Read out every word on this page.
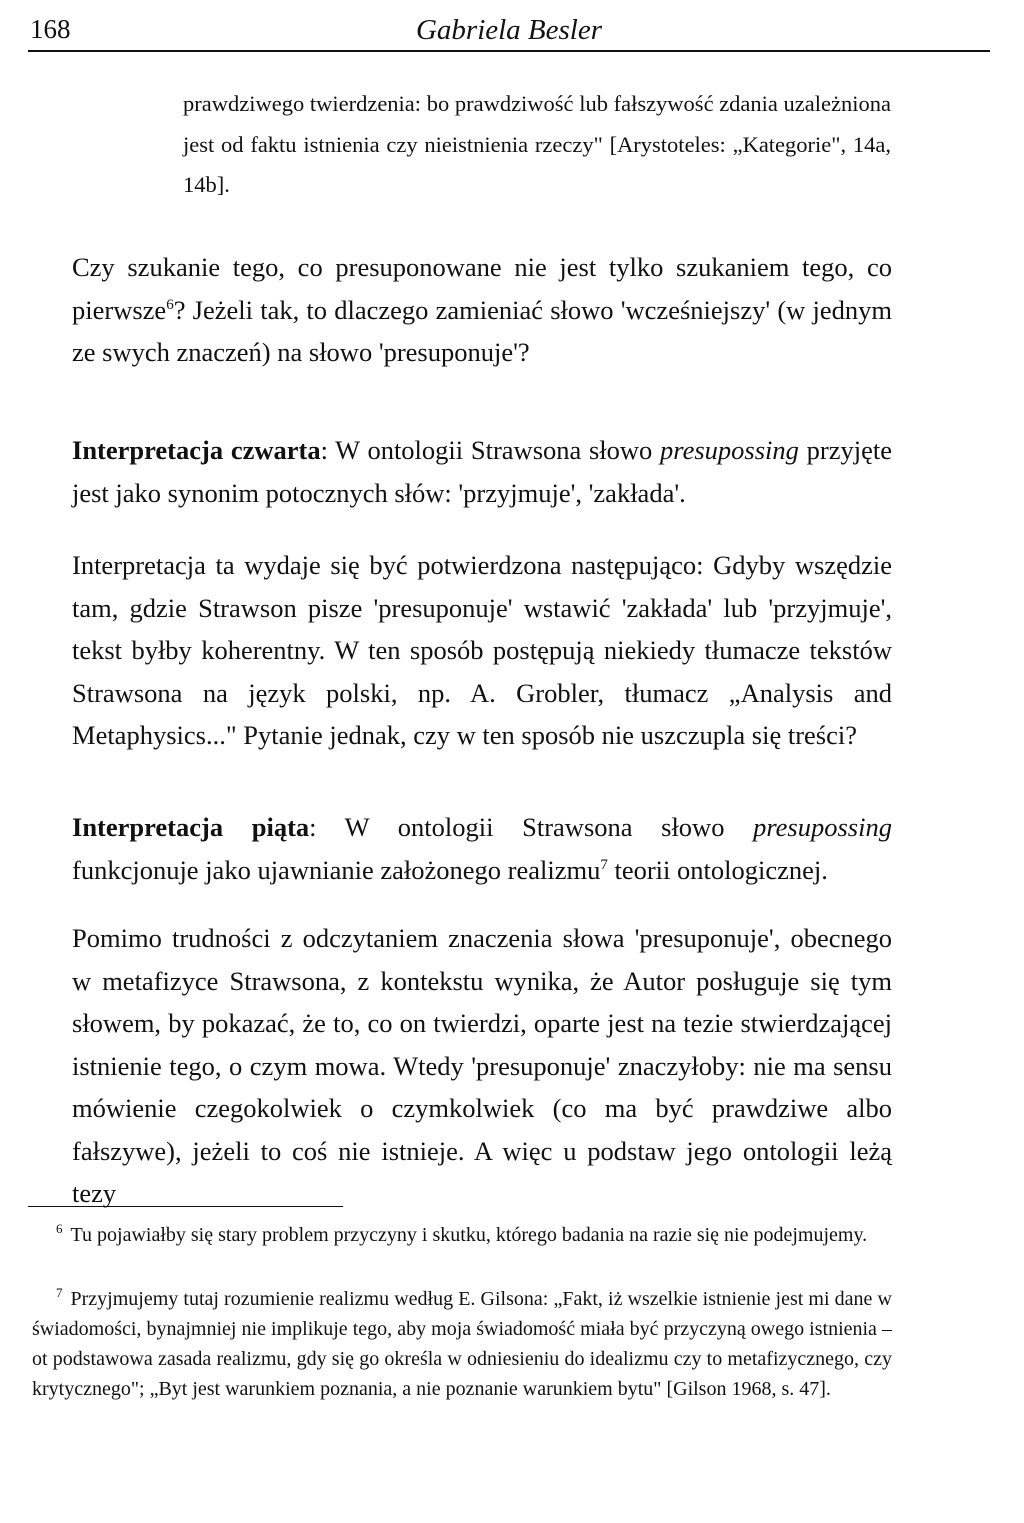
168	Gabriela Besler

prawdziwego twierdzenia: bo prawdziwość lub fałszywość zdania uzależniona jest od faktu istnienia czy nieistnienia rzeczy" [Arystoteles: „Kategorie", 14a, 14b].

Czy szukanie tego, co presuponowane nie jest tylko szukaniem tego, co pierwsze$^6$? Jeżeli tak, to dlaczego zamieniać słowo 'wcześniejszy' (w jednym ze swych znaczeń) na słowo 'presuponuje'?

Interpretacja czwarta: W ontologii Strawsona słowo presupossing przyjęte jest jako synonim potocznych słów: 'przyjmuje', 'zakłada'.

Interpretacja ta wydaje się być potwierdzona następująco: Gdyby wszędzie tam, gdzie Strawson pisze 'presuponuje' wstawić 'zakłada' lub 'przyjmuje', tekst byłby koherentny. W ten sposób postępują niekiedy tłumacze tekstów Strawsona na język polski, np. A. Grobler, tłumacz „Analysis and Metaphysics..." Pytanie jednak, czy w ten sposób nie uszczupla się treści?

Interpretacja piąta: W ontologii Strawsona słowo presupossing funkcjonuje jako ujawnianie założonego realizmu$^7$ teorii ontologicznej.

Pomimo trudności z odczytaniem znaczenia słowa 'presuponuje', obecnego w metafizyce Strawsona, z kontekstu wynika, że Autor posługuje się tym słowem, by pokazać, że to, co on twierdzi, oparte jest na tezie stwierdzającej istnienie tego, o czym mowa. Wtedy 'presuponuje' znaczyłoby: nie ma sensu mówienie czegokolwiek o czymkolwiek (co ma być prawdziwe albo fałszywe), jeżeli to coś nie istnieje. A więc u podstaw jego ontologii leżą tezy

$^6$ Tu pojawiałby się stary problem przyczyny i skutku, którego badania na razie się nie podejmujemy.

$^7$ Przyjmujemy tutaj rozumienie realizmu według E. Gilsona: „Fakt, iż wszelkie istnienie jest mi dane w świadomości, bynajmniej nie implikuje tego, aby moja świadomość miała być przyczyną owego istnienia – ot podstawowa zasada realizmu, gdy się go określa w odniesieniu do idealizmu czy to metafizycznego, czy krytycznego"; „Byt jest warunkiem poznania, a nie poznanie warunkiem bytu" [Gilson 1968, s. 47].
